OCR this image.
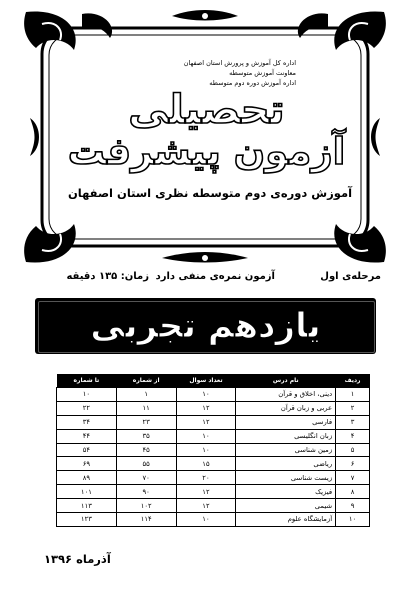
اداره کل آموزش و پرورش استان اصفهان
معاونت آموزش متوسطه
اداره آموزش دوره دوم متوسطه
تحصیلی
آزمون پیشرفت
آموزش دوره‌ی دوم متوسطه نظری استان اصفهان
مرحله‌ی اول
آزمون نمره‌ی منفی دارد
زمان: ۱۳۵ دقیقه
یازدهم تجربی
ردیف	نام درس	تعداد سوال	از شماره	تا شماره
۱	دینی، اخلاق و قرآن	۱۰	۱	۱۰
۲	عربی و زبان قرآن	۱۲	۱۱	۲۲
۳	فارسی	۱۲	۲۳	۳۴
۴	زبان انگلیسی	۱۰	۳۵	۴۴
۵	زمین شناسی	۱۰	۴۵	۵۴
۶	ریاضی	۱۵	۵۵	۶۹
۷	زیست شناسی	۲۰	۷۰	۸۹
۸	فیزیک	۱۲	۹۰	۱۰۱
۹	شیمی	۱۲	۱۰۲	۱۱۳
۱۰	آزمایشگاه علوم	۱۰	۱۱۴	۱۲۳
آذرماه ۱۳۹۶
